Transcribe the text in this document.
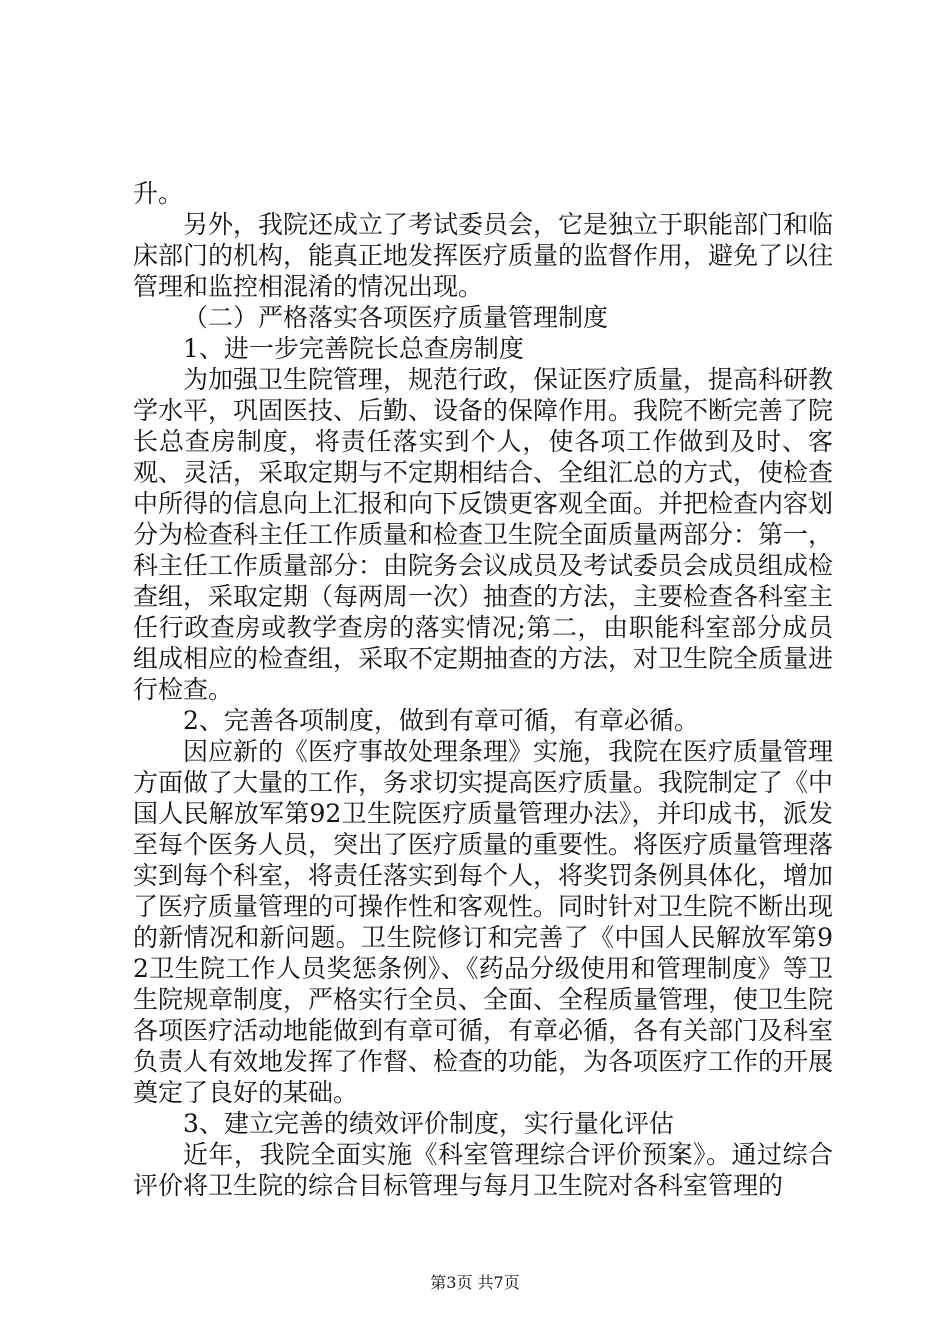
升。

另外，我院还成立了考试委员会，它是独立于职能部门和临床部门的机构，能真正地发挥医疗质量的监督作用，避免了以往管理和监控相混淆的情况出现。

（二）严格落实各项医疗质量管理制度

1、进一步完善院长总查房制度

为加强卫生院管理，规范行政，保证医疗质量，提高科研教学水平，巩固医技、后勤、设备的保障作用。我院不断完善了院长总查房制度，将责任落实到个人，使各项工作做到及时、客观、灵活，采取定期与不定期相结合、全组汇总的方式，使检查中所得的信息向上汇报和向下反馈更客观全面。并把检查内容划分为检查科主任工作质量和检查卫生院全面质量两部分：第一，科主任工作质量部分：由院务会议成员及考试委员会成员组成检查组，采取定期（每两周一次）抽查的方法，主要检查各科室主任行政查房或教学查房的落实情况;第二，由职能科室部分成员组成相应的检查组，采取不定期抽查的方法，对卫生院全质量进行检查。

2、完善各项制度，做到有章可循，有章必循。

因应新的《医疗事故处理条理》实施，我院在医疗质量管理方面做了大量的工作，务求切实提高医疗质量。我院制定了《中国人民解放军第92卫生院医疗质量管理办法》，并印成书，派发至每个医务人员，突出了医疗质量的重要性。将医疗质量管理落实到每个科室，将责任落实到每个人，将奖罚条例具体化，增加了医疗质量管理的可操作性和客观性。同时针对卫生院不断出现的新情况和新问题。卫生院修订和完善了《中国人民解放军第92卫生院工作人员奖惩条例》、《药品分级使用和管理制度》等卫生院规章制度，严格实行全员、全面、全程质量管理，使卫生院各项医疗活动地能做到有章可循，有章必循，各有关部门及科室负责人有效地发挥了作督、检查的功能，为各项医疗工作的开展奠定了良好的某础。

3、建立完善的绩效评价制度，实行量化评估

近年，我院全面实施《科室管理综合评价预案》。通过综合评价将卫生院的综合目标管理与每月卫生院对各科室管理的

第3页 共7页
